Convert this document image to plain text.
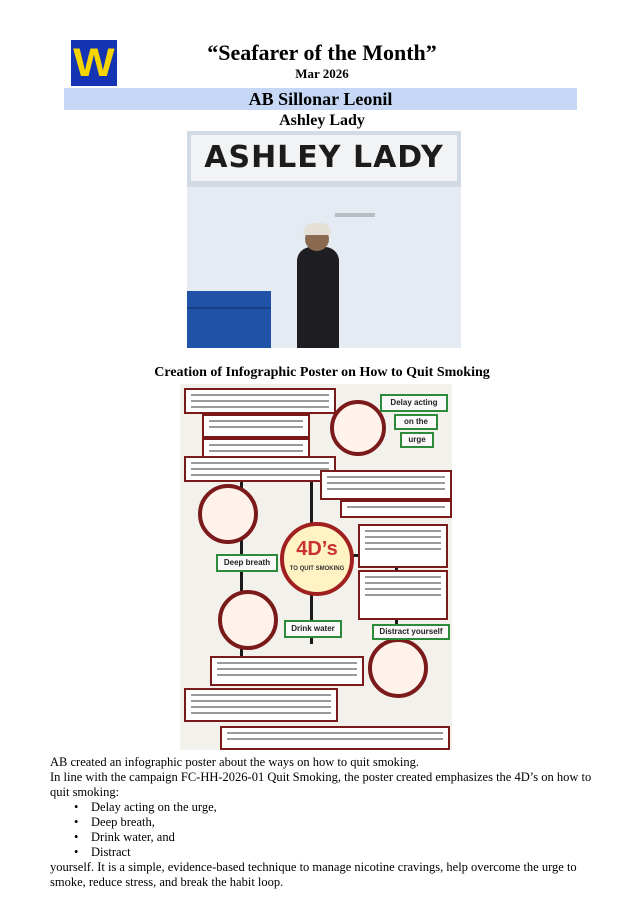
W	“Seafarer of the Month”
Mar 2026
AB Sillonar Leonil
Ashley Lady
ASHLEY LADY
Creation of Infographic Poster on How to Quit Smoking
4D’s
TO QUIT SMOKING
Delay acting
on the
urge
Deep breath
Drink water	Distract yourself

AB created an infographic poster about the ways on how to quit smoking.

In line with the campaign FC-HH-2026-01 Quit Smoking, the poster created emphasizes the 4D’s on how to quit smoking:

• Delay acting on the urge,
• Deep breath,
• Drink water, and
• Distract

yourself. It is a simple, evidence-based technique to manage nicotine cravings, help overcome the urge to smoke, reduce stress, and break the habit loop.
